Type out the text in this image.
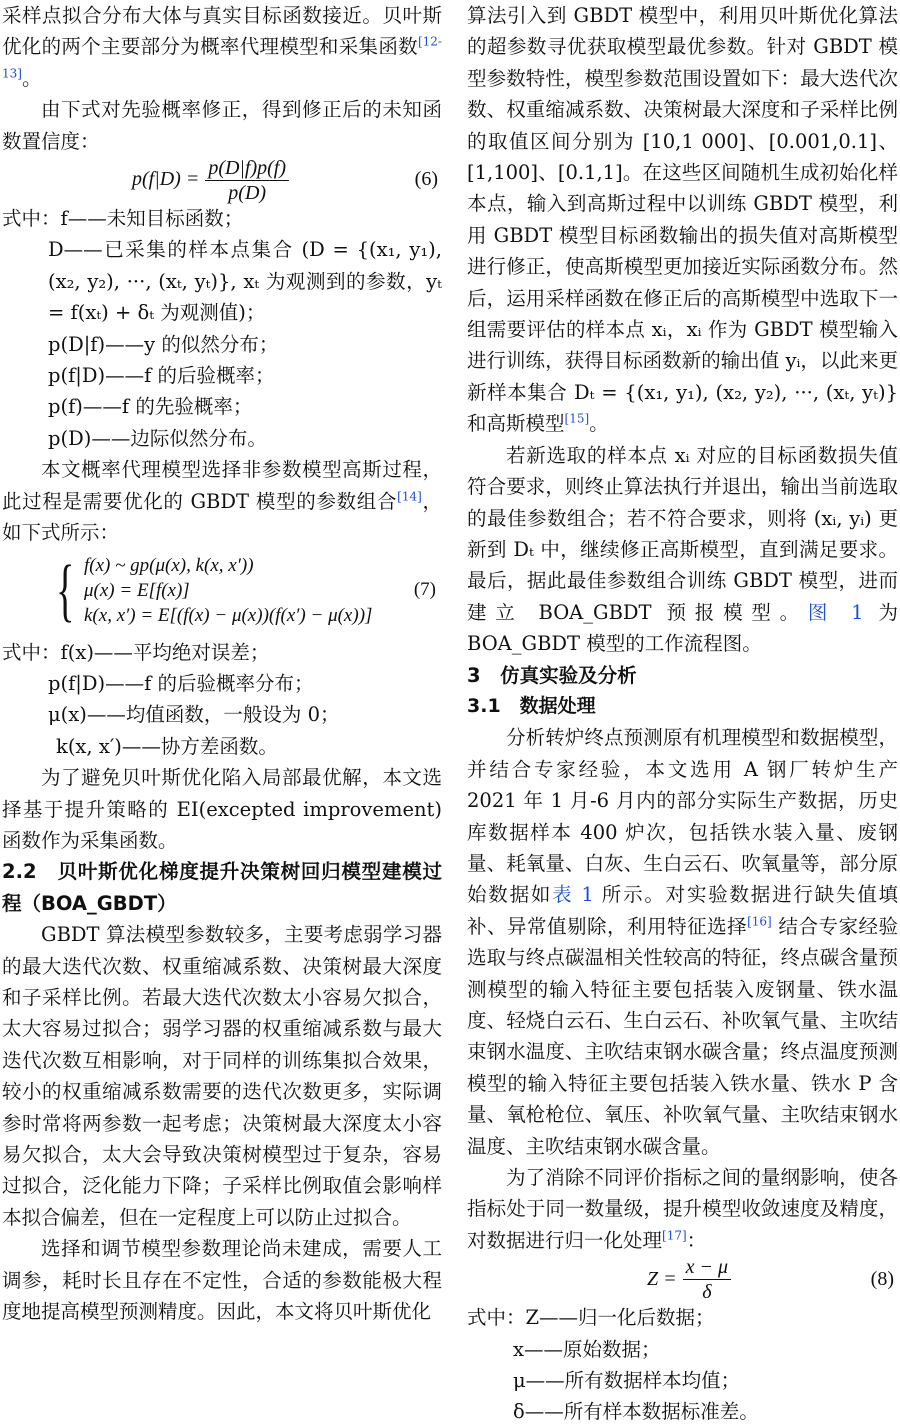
采样点拟合分布大体与真实目标函数接近。贝叶斯优化的两个主要部分为概率代理模型和采集函数[12-13]。

由下式对先验概率修正，得到修正后的未知函数置信度：

$p(f|D) = \frac{p(D|f)p(f)}{p(D)}$	(6)

式中：f——未知目标函数；

D——已采集的样本点集合 (D = {(x₁, y₁), (x₂, y₂), ···, (xₜ, yₜ)}, xₜ 为观测到的参数，yₜ = f(xₜ) + δₜ 为观测值)；

p(D|f)——y 的似然分布；

p(f|D)——f 的后验概率；

p(f)——f 的先验概率；

p(D)——边际似然分布。

本文概率代理模型选择非参数模型高斯过程，此过程是需要优化的 GBDT 模型的参数组合[14]，如下式所示：

{ f(x) ~ gp(μ(x), k(x, x′))
μ(x) = E[f(x)]
k(x, x′) = E[(f(x) − μ(x))(f(x′) − μ(x))]
(7)

式中：f(x)——平均绝对误差；

p(f|D)——f 的后验概率分布；

μ(x)——均值函数，一般设为 0；

k(x, x′)——协方差函数。

为了避免贝叶斯优化陷入局部最优解，本文选择基于提升策略的 EI(excepted improvement) 函数作为采集函数。

2.2　贝叶斯优化梯度提升决策树回归模型建模过程（BOA_GBDT）

GBDT 算法模型参数较多，主要考虑弱学习器的最大迭代次数、权重缩减系数、决策树最大深度和子采样比例。若最大迭代次数太小容易欠拟合，太大容易过拟合；弱学习器的权重缩减系数与最大迭代次数互相影响，对于同样的训练集拟合效果，较小的权重缩减系数需要的迭代次数更多，实际调参时常将两参数一起考虑；决策树最大深度太小容易欠拟合，太大会导致决策树模型过于复杂，容易过拟合，泛化能力下降；子采样比例取值会影响样本拟合偏差，但在一定程度上可以防止过拟合。

选择和调节模型参数理论尚未建成，需要人工调参，耗时长且存在不定性，合适的参数能极大程度地提高模型预测精度。因此，本文将贝叶斯优化

算法引入到 GBDT 模型中，利用贝叶斯优化算法的超参数寻优获取模型最优参数。针对 GBDT 模型参数特性，模型参数范围设置如下：最大迭代次数、权重缩减系数、决策树最大深度和子采样比例的取值区间分别为 [10,1 000]、[0.001,0.1]、[1,100]、[0.1,1]。在这些区间随机生成初始化样本点，输入到高斯过程中以训练 GBDT 模型，利用 GBDT 模型目标函数输出的损失值对高斯模型进行修正，使高斯模型更加接近实际函数分布。然后，运用采样函数在修正后的高斯模型中选取下一组需要评估的样本点 xᵢ，xᵢ 作为 GBDT 模型输入进行训练，获得目标函数新的输出值 yᵢ，以此来更新样本集合 Dₜ = {(x₁, y₁), (x₂, y₂), ···, (xₜ, yₜ)} 和高斯模型[15]。

若新选取的样本点 xᵢ 对应的目标函数损失值符合要求，则终止算法执行并退出，输出当前选取的最佳参数组合；若不符合要求，则将 (xᵢ, yᵢ) 更新到 Dₜ 中，继续修正高斯模型，直到满足要求。最后，据此最佳参数组合训练 GBDT 模型，进而建立 BOA_GBDT 预报模型。图 1 为 BOA_GBDT 模型的工作流程图。

3　仿真实验及分析

3.1　数据处理

分析转炉终点预测原有机理模型和数据模型，并结合专家经验，本文选用 A 钢厂转炉生产 2021 年 1 月-6 月内的部分实际生产数据，历史库数据样本 400 炉次，包括铁水装入量、废钢量、耗氧量、白灰、生白云石、吹氧量等，部分原始数据如表 1 所示。对实验数据进行缺失值填补、异常值剔除，利用特征选择[16] 结合专家经验选取与终点碳温相关性较高的特征，终点碳含量预测模型的输入特征主要包括装入废钢量、铁水温度、轻烧白云石、生白云石、补吹氧气量、主吹结束钢水温度、主吹结束钢水碳含量；终点温度预测模型的输入特征主要包括装入铁水量、铁水 P 含量、氧枪枪位、氧压、补吹氧气量、主吹结束钢水温度、主吹结束钢水碳含量。

为了消除不同评价指标之间的量纲影响，使各指标处于同一数量级，提升模型收敛速度及精度，对数据进行归一化处理[17]：

$Z = \frac{x - \mu}{\delta}$	(8)

式中：Z——归一化后数据；

x——原始数据；

μ——所有数据样本均值；

δ——所有样本数据标准差。
